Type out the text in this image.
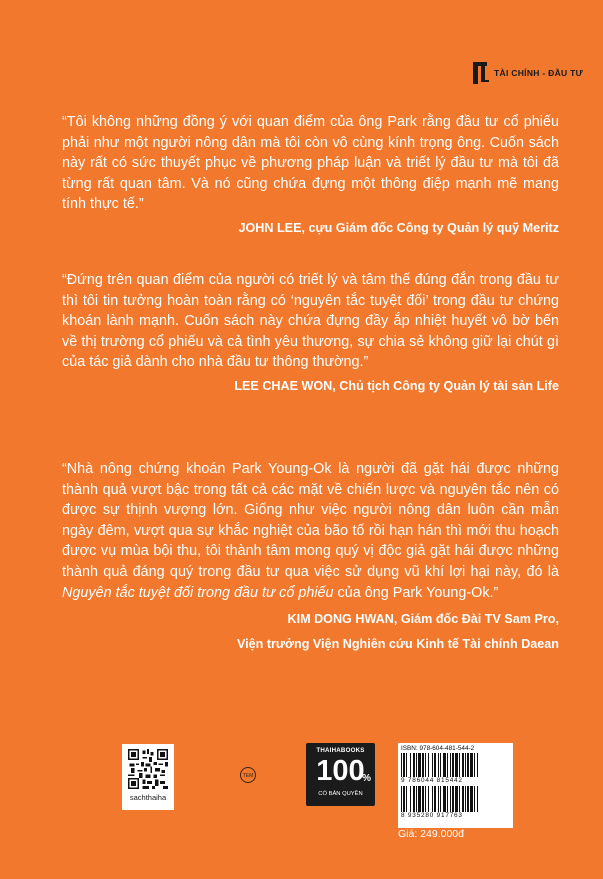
TÀI CHÍNH - ĐẦU TƯ

“Tôi không những đồng ý với quan điểm của ông Park rằng đầu tư cổ phiếu phải như một người nông dân mà tôi còn vô cùng kính trọng ông. Cuốn sách này rất có sức thuyết phục về phương pháp luận và triết lý đầu tư mà tôi đã từng rất quan tâm. Và nó cũng chứa đựng một thông điệp mạnh mẽ mang tính thực tế.”

JOHN LEE, cựu Giám đốc Công ty Quản lý quỹ Meritz

“Đứng trên quan điểm của người có triết lý và tâm thế đúng đắn trong đầu tư thì tôi tin tưởng hoàn toàn rằng có ‘nguyên tắc tuyệt đối’ trong đầu tư chứng khoán lành mạnh. Cuốn sách này chứa đựng đầy ắp nhiệt huyết vô bờ bến về thị trường cổ phiếu và cả tình yêu thương, sự chia sẻ không giữ lại chút gì của tác giả dành cho nhà đầu tư thông thường.”

LEE CHAE WON, Chủ tịch Công ty Quản lý tài sản Life

“Nhà nông chứng khoán Park Young-Ok là người đã gặt hái được những thành quả vượt bậc trong tất cả các mặt về chiến lược và nguyên tắc nên có được sự thịnh vượng lớn. Giống như việc người nông dân luôn cần mẫn ngày đêm, vượt qua sự khắc nghiệt của bão tố rồi hạn hán thì mới thu hoạch được vụ mùa bội thu, tôi thành tâm mong quý vị độc giả gặt hái được những thành quả đáng quý trong đầu tư qua việc sử dụng vũ khí lợi hại này, đó là Nguyên tắc tuyệt đối trong đầu tư cổ phiếu của ông Park Young-Ok.”

KIM DONG HWAN, Giám đốc Đài TV Sam Pro,
Viện trưởng Viện Nghiên cứu Kinh tế Tài chính Daean
sachthaiha
TEM
THAIHABOOKS
100
%
CÓ BẢN QUYỀN
ISBN: 978-604-481-544-2
9 786044 815442
8 935280 917763
Giá: 249.000đ
